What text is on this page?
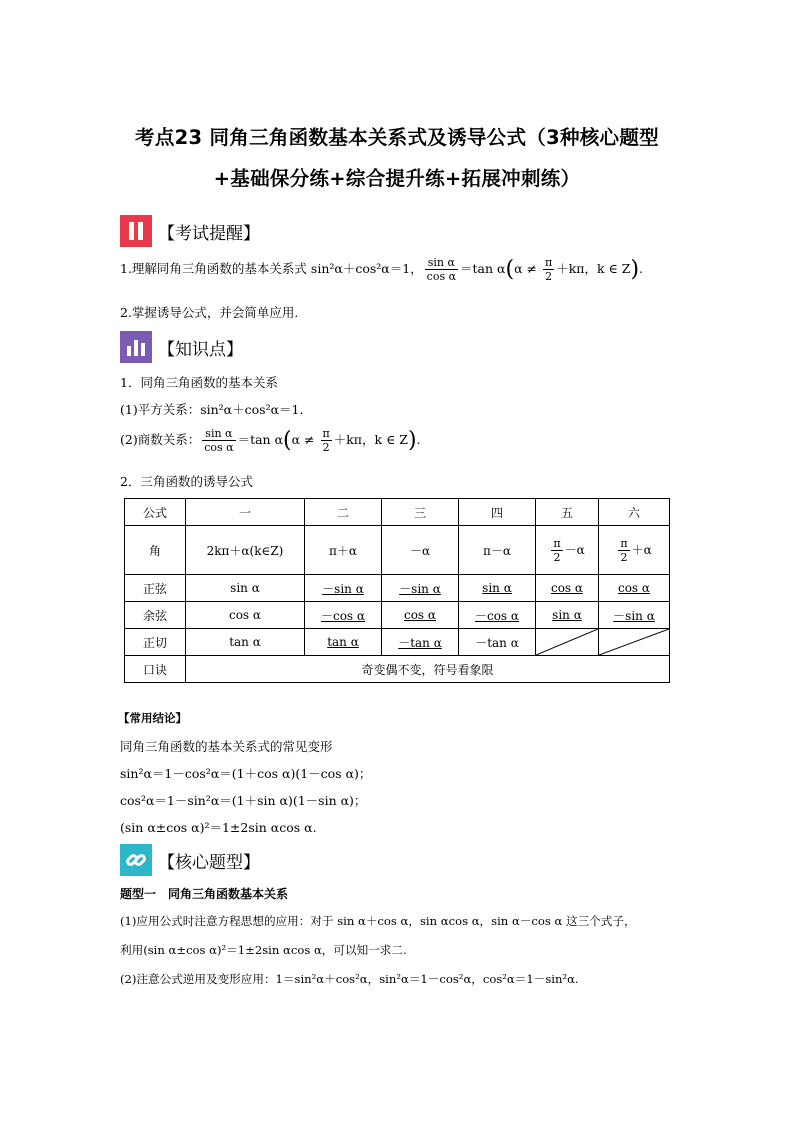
考点23 同角三角函数基本关系式及诱导公式（3种核心题型
+基础保分练+综合提升练+拓展冲刺练）
【考试提醒】
1.理解同角三角函数的基本关系式 sin²α＋cos²α＝1， $\frac{\text{sin α}}{\text{cos α}} =\tan$ $\alpha(\alpha \ne \frac{\pi}{2} +k\pi$，k ∈ Z).
2.掌握诱导公式，并会简单应用.
【知识点】
1．同角三角函数的基本关系
(1)平方关系：sin²α＋cos²α＝1.
(2)商数关系： $\frac{\text{sin α}}{\text{cos α}} =\tan$ $\alpha(\alpha \ne \frac{\pi}{2} +k\pi$，k ∈ Z).
2．三角函数的诱导公式
公式	一	二	三	四	五	六
角	2kπ＋α(k∈Z)	π＋α	－α	π－α	$\frac{\pi}{2} -\alpha$	$\frac{\pi}{2} +\alpha$
正弦	sin α	－sin α	－sin α	sin α	cos α	cos α
余弦	cos α	－cos α	cos α	－cos α	sin α	－sin α
正切	tan α	tan α	－tan α	－tan α	

口诀	奇变偶不变，符号看象限					
【常用结论】
同角三角函数的基本关系式的常见变形
sin²α＝1－cos²α＝(1＋cos α)(1－cos α)；
cos²α＝1－sin²α＝(1＋sin α)(1－sin α)；
(sin α±cos α)²＝1±2sin αcos α.
【核心题型】
题型一　同角三角函数基本关系
(1)应用公式时注意方程思想的应用：对于 sin α＋cos α，sin αcos α，sin α－cos α 这三个式子，
利用(sin α±cos α)²＝1±2sin αcos α，可以知一求二.
(2)注意公式逆用及变形应用：1＝sin²α＋cos²α，sin²α＝1－cos²α，cos²α＝1－sin²α.
